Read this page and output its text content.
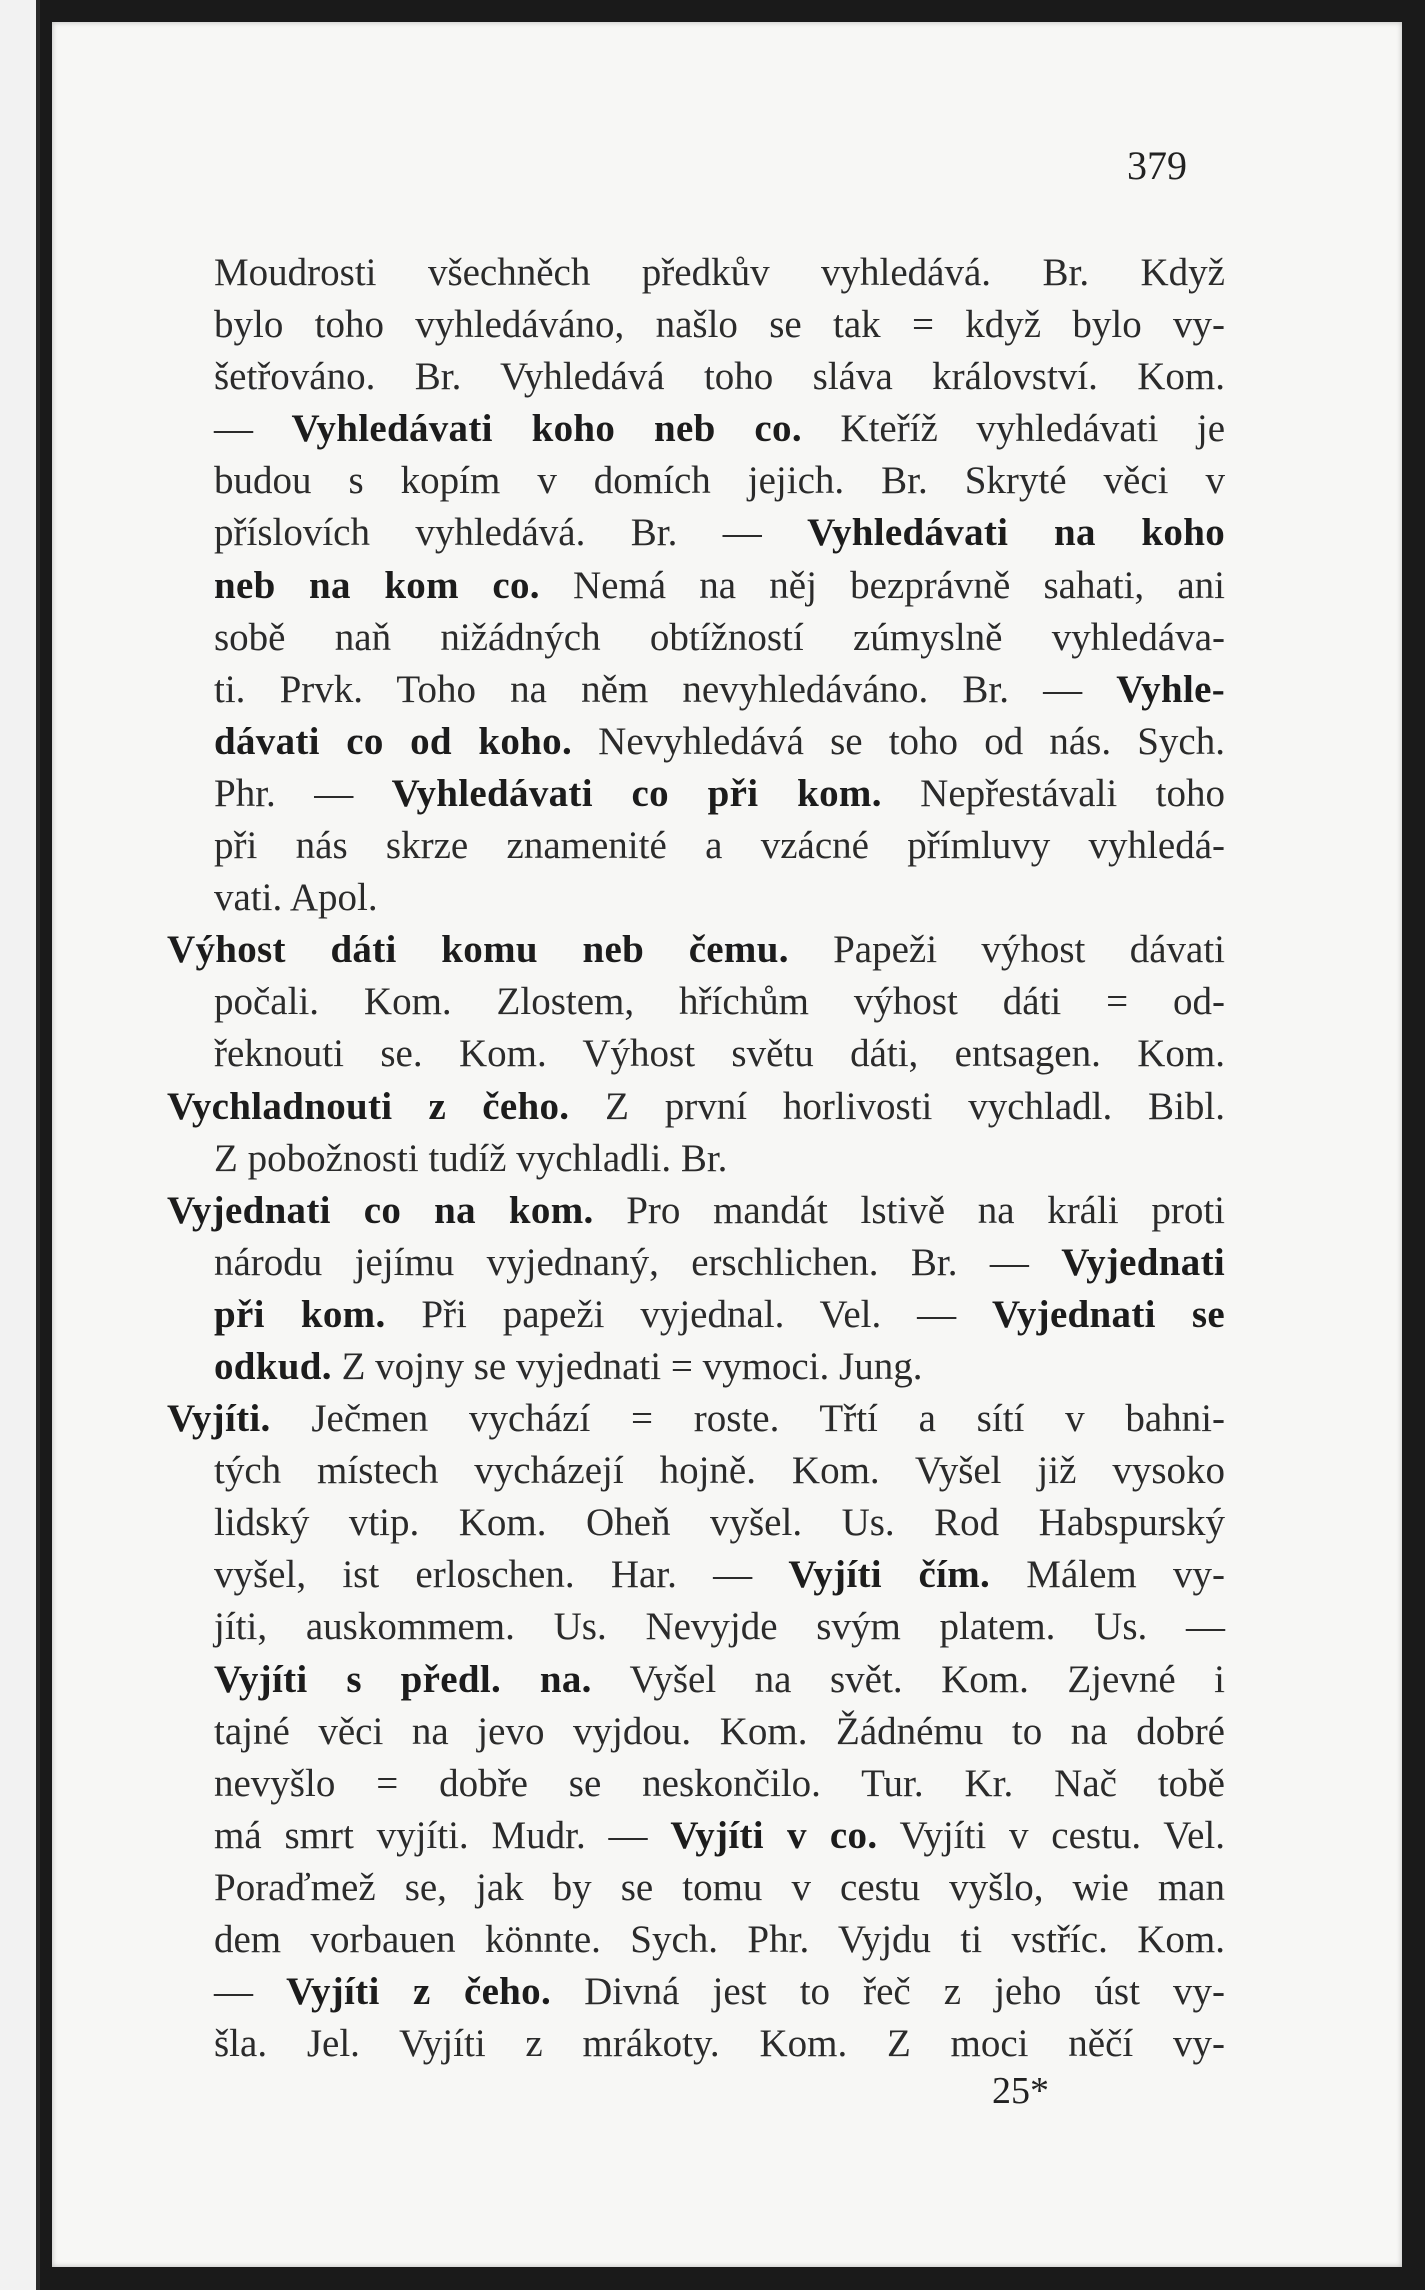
379
Moudrosti všechněch předkův vyhledává. Br. Když
bylo toho vyhledáváno, našlo se tak = když bylo vy-
šetřováno. Br. Vyhledává toho sláva království. Kom.
— Vyhledávati koho neb co. Kteříž vyhledávati je
budou s kopím v domích jejich. Br. Skryté věci v
příslovích vyhledává. Br. — Vyhledávati na koho
neb na kom co. Nemá na něj bezprávně sahati, ani
sobě naň nižádných obtížností zúmyslně vyhledáva-
ti. Prvk. Toho na něm nevyhledáváno. Br. — Vyhle-
dávati co od koho. Nevyhledává se toho od nás. Sych.
Phr. — Vyhledávati co při kom. Nepřestávali toho
při nás skrze znamenité a vzácné přímluvy vyhledá-
vati. Apol.
Výhost dáti komu neb čemu. Papeži výhost dávati
počali. Kom. Zlostem, hříchům výhost dáti = od-
řeknouti se. Kom. Výhost světu dáti, entsagen. Kom.
Vychladnouti z čeho. Z první horlivosti vychladl. Bibl.
Z pobožnosti tudíž vychladli. Br.
Vyjednati co na kom. Pro mandát lstivě na králi proti
národu jejímu vyjednaný, erschlichen. Br. — Vyjednati
při kom. Při papeži vyjednal. Vel. — Vyjednati se
odkud. Z vojny se vyjednati = vymoci. Jung.
Vyjíti. Ječmen vychází = roste. Třtí a sítí v bahni-
tých místech vycházejí hojně. Kom. Vyšel již vysoko
lidský vtip. Kom. Oheň vyšel. Us. Rod Habspurský
vyšel, ist erloschen. Har. — Vyjíti čím. Málem vy-
jíti, auskommem. Us. Nevyjde svým platem. Us. —
Vyjíti s předl. na. Vyšel na svět. Kom. Zjevné i
tajné věci na jevo vyjdou. Kom. Žádnému to na dobré
nevyšlo = dobře se neskončilo. Tur. Kr. Nač tobě
má smrt vyjíti. Mudr. — Vyjíti v co. Vyjíti v cestu. Vel.
Poraďmež se, jak by se tomu v cestu vyšlo, wie man
dem vorbauen könnte. Sych. Phr. Vyjdu ti vstříc. Kom.
— Vyjíti z čeho. Divná jest to řeč z jeho úst vy-
šla. Jel. Vyjíti z mrákoty. Kom. Z moci něčí vy-
25*
